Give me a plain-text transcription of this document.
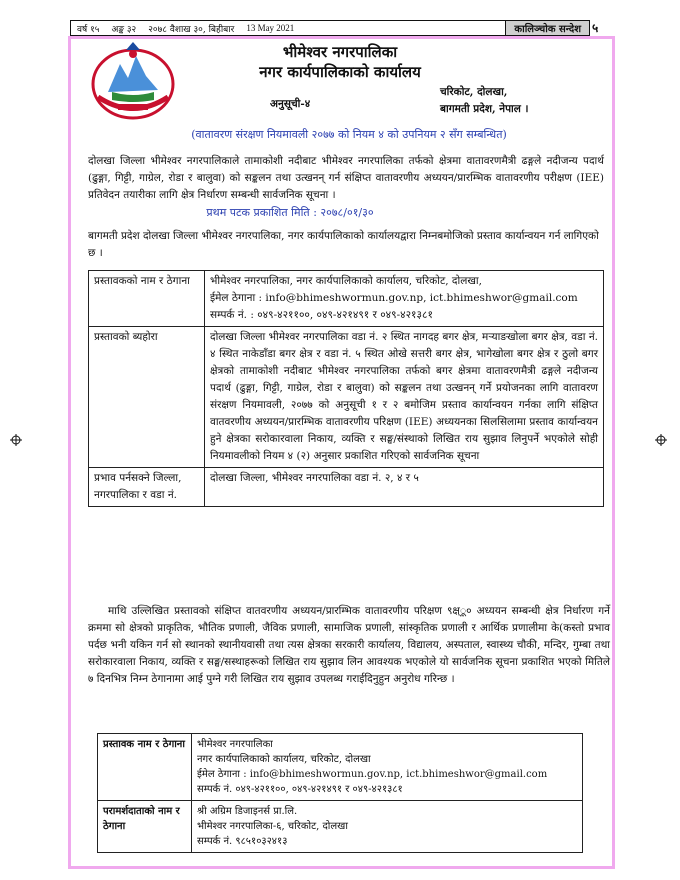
वर्ष १५	अङ्क ३२	२०७८ वैशाख ३०, बिहीबार	13 May 2021	कालिञ्चोक सन्देश ५
भीमेश्वर नगरपालिका
नगर कार्यपालिकाको कार्यालय
अनुसूची-४
चरिकोट, दोलखा,
बागमती प्रदेश, नेपाल ।
(वातावरण संरक्षण नियमावली २०७७ को नियम ४ को उपनियम २ सँग सम्बन्धित)
दोलखा जिल्ला भीमेश्वर नगरपालिकाले तामाकोशी नदीबाट भीमेश्वर नगरपालिका तर्फको क्षेत्रमा वातावरणमैत्री ढङ्गले नदीजन्य पदार्थ (ढुङ्गा, गिट्टी, गाग्रेल, रोडा र बालुवा) को सङ्कलन तथा उत्खनन् गर्न संक्षिप्त वातावरणीय अध्ययन/प्रारम्भिक वातावरणीय परीक्षण (IEE) प्रतिवेदन तयारीका लागि क्षेत्र निर्धारण सम्बन्धी सार्वजनिक सूचना ।
प्रथम पटक प्रकाशित मिति : २०७८/०१/३०
बागमती प्रदेश दोलखा जिल्ला भीमेश्वर नगरपालिका, नगर कार्यपालिकाको कार्यालयद्वारा निम्नबमोजिको प्रस्ताव कार्यान्वयन गर्न लागिएको छ ।
प्रस्तावकको नाम र ठेगाना	भीमेश्वर नगरपालिका, नगर कार्यपालिकाको कार्यालय, चरिकोट, दोलखा,
ईमेल ठेगाना : info@bhimeshwormun.gov.np, ict.bhimeshwor@gmail.com
सम्पर्क नं. : ०४९-४२११००, ०४९-४२१४९१ र ०४९-४२१३८१

प्रस्तावको ब्यहोरा	दोलखा जिल्ला भीमेश्वर नगरपालिका वडा नं. २ स्थित नागदह बगर क्षेत्र, मऱ्याङखोला बगर क्षेत्र, वडा नं. ४ स्थित नाकेडाँडा बगर क्षेत्र र वडा नं. ५ स्थित ओखे सत्तरी बगर क्षेत्र, भागेखोला बगर क्षेत्र र ठुलो बगर क्षेत्रको तामाकोशी नदीबाट भीमेश्वर नगरपालिका तर्फको बगर क्षेत्रमा वातावरणमैत्री ढङ्गले नदीजन्य पदार्थ (ढुङ्गा, गिट्टी, गाग्रेल, रोडा र बालुवा) को सङ्कलन तथा उत्खनन् गर्ने प्रयोजनका लागि वातावरण संरक्षण नियमावली, २०७७ को अनुसूची १ र २ बमोजिम प्रस्ताव कार्यान्वयन गर्नका लागि संक्षिप्त वातवरणीय अध्ययन/प्रारम्भिक वातावरणीय परिक्षण (IEE) अध्ययनका सिलसिलामा प्रस्ताव कार्यान्वयन हुने क्षेत्रका सरोकारवाला निकाय, व्यक्ति र सङ्घ/संस्थाको लिखित राय सुझाव लिनुपर्ने भएकोले सोही नियमावलीको नियम ४ (२) अनुसार प्रकाशित गरिएको सार्वजनिक सूचना
प्रभाव पर्नसक्ने जिल्ला, नगरपालिका र वडा नं.	दोलखा जिल्ला, भीमेश्वर नगरपालिका वडा नं. २, ४ र ५
माथि उल्लिखित प्रस्तावको संक्षिप्त वातवरणीय अध्ययन/प्रारम्भिक वातावरणीय परिक्षण ९क्ष्ू० अध्ययन सम्बन्धी क्षेत्र निर्धारण गर्ने क्रममा सो क्षेत्रको प्राकृतिक, भौतिक प्रणाली, जैविक प्रणाली, सामाजिक प्रणाली, सांस्कृतिक प्रणाली र आर्थिक प्रणालीमा के(कस्तो प्रभाव पर्दछ भनी यकिन गर्न सो स्थानको स्थानीयवासी तथा त्यस क्षेत्रका सरकारी कार्यालय, विद्यालय, अस्पताल, स्वास्थ्य चौकी, मन्दिर, गुम्बा तथा सरोकारवाला निकाय, व्यक्ति र सङ्घ/सस्थाहरूको लिखित राय सुझाव लिन आवश्यक भएकोले यो सार्वजनिक सूचना प्रकाशित भएको मितिले ७ दिनभित्र निम्न ठेगानामा आई पुग्ने गरी लिखित राय सुझाव उपलब्ध गराईदिनुहुन अनुरोध गरिन्छ ।
प्रस्तावक नाम र ठेगाना	भीमेश्वर नगरपालिका
नगर कार्यपालिकाको कार्यालय, चरिकोट, दोलखा
ईमेल ठेगाना : info@bhimeshwormun.gov.np, ict.bhimeshwor@gmail.com
सम्पर्क नं. ०४९-४२११००, ०४९-४२१४९१ र ०४९-४२१३८१

परामर्शदाताको नाम र ठेगाना	श्री अग्रिम डिजाइनर्स प्रा.लि.
भीमेश्वर नगरपालिका-६, चरिकोट, दोलखा
सम्पर्क नं. ९८५१०३२४१३
